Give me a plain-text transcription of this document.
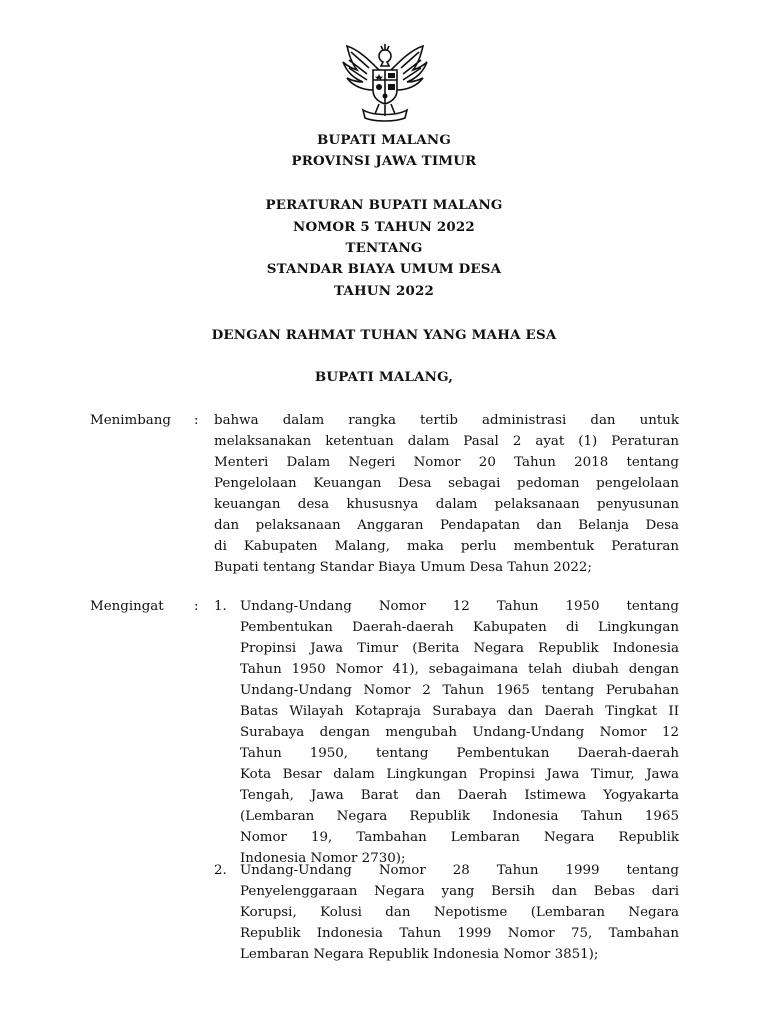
BUPATI MALANG
PROVINSI JAWA TIMUR
PERATURAN BUPATI MALANG
NOMOR 5 TAHUN 2022
TENTANG
STANDAR BIAYA UMUM DESA
TAHUN 2022
DENGAN RAHMAT TUHAN YANG MAHA ESA
BUPATI MALANG,
Menimbang : bahwa dalam rangka tertib administrasi dan untuk
melaksanakan ketentuan dalam Pasal 2 ayat (1) Peraturan
Menteri Dalam Negeri Nomor 20 Tahun 2018 tentang
Pengelolaan Keuangan Desa sebagai pedoman pengelolaan
keuangan desa khususnya dalam pelaksanaan penyusunan
dan pelaksanaan Anggaran Pendapatan dan Belanja Desa
di Kabupaten Malang, maka perlu membentuk Peraturan
Bupati tentang Standar Biaya Umum Desa Tahun 2022;
Mengingat : 1. Undang-Undang Nomor 12 Tahun 1950 tentang
Pembentukan Daerah-daerah Kabupaten di Lingkungan
Propinsi Jawa Timur (Berita Negara Republik Indonesia
Tahun 1950 Nomor 41), sebagaimana telah diubah dengan
Undang-Undang Nomor 2 Tahun 1965 tentang Perubahan
Batas Wilayah Kotapraja Surabaya dan Daerah Tingkat II
Surabaya dengan mengubah Undang-Undang Nomor 12
Tahun 1950, tentang Pembentukan Daerah-daerah
Kota Besar dalam Lingkungan Propinsi Jawa Timur, Jawa
Tengah, Jawa Barat dan Daerah Istimewa Yogyakarta
(Lembaran Negara Republik Indonesia Tahun 1965
Nomor 19, Tambahan Lembaran Negara Republik
Indonesia Nomor 2730);
2. Undang-Undang Nomor 28 Tahun 1999 tentang
Penyelenggaraan Negara yang Bersih dan Bebas dari
Korupsi, Kolusi dan Nepotisme (Lembaran Negara
Republik Indonesia Tahun 1999 Nomor 75, Tambahan
Lembaran Negara Republik Indonesia Nomor 3851);
